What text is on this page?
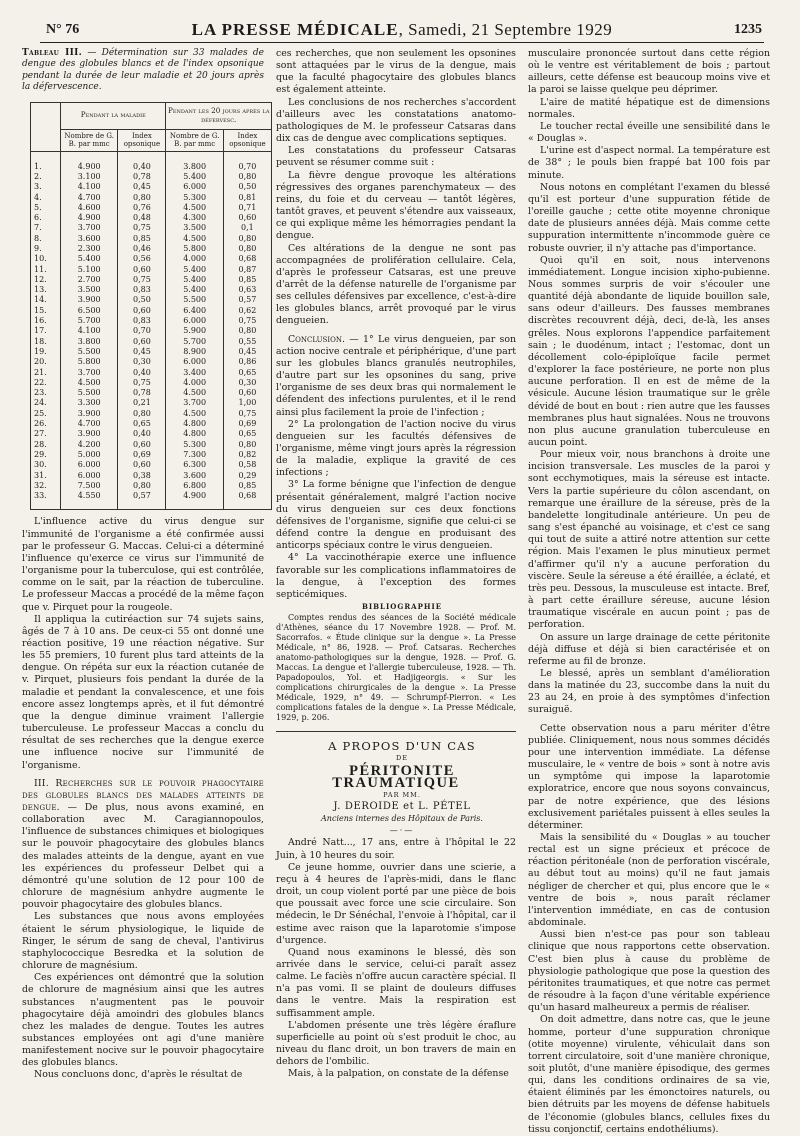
N° 76	LA PRESSE MÉDICALE, Samedi, 21 Septembre 1929	1235

Tableau III. — Détermination sur 33 malades de dengue des globules blancs et de l'index opsonique pendant la durée de leur maladie et 20 jours après la défervescence.

	Pendant la maladie		Pendant les 20 jours après la défervesc.	
	Nombre de G. B. par mmc	Index opsonique	Nombre de G. B. par mmc	Index opsonique

1.	4.900	0,40	3.800	0,70
2.	3.100	0,78	5.400	0,80
3.	4.100	0,45	6.000	0,50
4.	4.700	0,80	5.300	0,81
5.	4.600	0,76	4.500	0,71
6.	4.900	0,48	4.300	0,60
7.	3.700	0,75	3.500	0,1
8.	3.600	0,85	4.500	0,80
9.	2.300	0,46	5.800	0,80
10.	5.400	0,56	4.000	0,68
11.	5.100	0,60	5.400	0,87
12.	2.700	0,75	5.400	0,85
13.	3.500	0,83	5.400	0,63
14.	3.900	0,50	5.500	0,57
15.	6.500	0,60	6.400	0,62
16.	5.700	0,83	6.000	0,75
17.	4.100	0,70	5.900	0,80
18.	3.800	0,60	5.700	0,55
19.	5.500	0,45	8.900	0,45
20.	5.800	0,30	6.000	0,86
21.	3.700	0,40	3.400	0,65
22.	4.500	0,75	4.000	0,30
23.	5.500	0,78	4.500	0,60
24.	3.300	0,21	3.700	1,00
25.	3.900	0,80	4.500	0,75
26.	4.700	0,65	4.800	0,69
27.	3.900	0,40	4.800	0,65
28.	4.200	0,60	5.300	0,80
29.	5.000	0,69	7.300	0,82
30.	6.000	0,60	6.300	0,58
31.	6.000	0,38	3.600	0,29
32.	7.500	0,80	6.800	0,85
33.	4.550	0,57	4.900	0,68

L'influence active du virus dengue sur l'immunité de l'organisme a été confirmée aussi par le professeur G. Maccas. Celui-ci a déterminé l'influence qu'exerce ce virus sur l'immunité de l'organisme pour la tuberculose, qui est contrôlée, comme on le sait, par la réaction de tuberculine. Le professeur Maccas a procédé de la même façon que v. Pirquet pour la rougeole.

Il appliqua la cutiréaction sur 74 sujets sains, âgés de 7 à 10 ans. De ceux-ci 55 ont donné une réaction positive, 19 une réaction négative. Sur les 55 premiers, 10 furent plus tard atteints de la dengue. On répéta sur eux la réaction cutanée de v. Pirquet, plusieurs fois pendant la durée de la maladie et pendant la convalescence, et une fois encore assez longtemps après, et il fut démontré que la dengue diminue vraiment l'allergie tuberculeuse. Le professeur Maccas a conclu du résultat de ses recherches que la dengue exerce une influence nocive sur l'immunité de l'organisme.

III. Recherches sur le pouvoir phagocytaire des globules blancs des malades atteints de dengue. — De plus, nous avons examiné, en collaboration avec M. Caragiannopoulos, l'influence de substances chimiques et biologiques sur le pouvoir phagocytaire des globules blancs des malades atteints de la dengue, ayant en vue les expériences du professeur Delbet qui a démontré qu'une solution de 12 pour 100 de chlorure de magnésium anhydre augmente le pouvoir phagocytaire des globules blancs.

Les substances que nous avons employées étaient le sérum physiologique, le liquide de Ringer, le sérum de sang de cheval, l'antivirus staphylococcique Besredka et la solution de chlorure de magnésium.

Ces expériences ont démontré que la solution de chlorure de magnésium ainsi que les autres substances n'augmentent pas le pouvoir phagocytaire déjà amoindri des globules blancs chez les malades de dengue. Toutes les autres substances employées ont agi d'une manière manifestement nocive sur le pouvoir phagocytaire des globules blancs.

Nous concluons donc, d'après le résultat de

ces recherches, que non seulement les opsonines sont attaquées par le virus de la dengue, mais que la faculté phagocytaire des globules blancs est également atteinte.

Les conclusions de nos recherches s'accordent d'ailleurs avec les constatations anatomo-pathologiques de M. le professeur Catsaras dans dix cas de dengue avec complications septiques.

Les constatations du professeur Catsaras peuvent se résumer comme suit :

La fièvre dengue provoque les altérations régressives des organes parenchymateux — des reins, du foie et du cerveau — tantôt légères, tantôt graves, et peuvent s'étendre aux vaisseaux, ce qui explique même les hémorragies pendant la dengue.

Ces altérations de la dengue ne sont pas accompagnées de prolifération cellulaire. Cela, d'après le professeur Catsaras, est une preuve d'arrêt de la défense naturelle de l'organisme par ses cellules défensives par excellence, c'est-à-dire les globules blancs, arrêt provoqué par le virus dengueien.

Conclusion. — 1° Le virus dengueien, par son action nocive centrale et périphérique, d'une part sur les globules blancs granulés neutrophiles, d'autre part sur les opsonines du sang, prive l'organisme de ses deux bras qui normalement le défendent des infections purulentes, et il le rend ainsi plus facilement la proie de l'infection ;

2° La prolongation de l'action nocive du virus dengueien sur les facultés défensives de l'organisme, même vingt jours après la régression de la maladie, explique la gravité de ces infections ;

3° La forme bénigne que l'infection de dengue présentait généralement, malgré l'action nocive du virus dengueien sur ces deux fonctions défensives de l'organisme, signifie que celui-ci se défend contre la dengue en produisant des anticorps spéciaux contre le virus dengueien.

4° La vaccinothérapie exerce une influence favorable sur les complications inflammatoires de la dengue, à l'exception des formes septicémiques.

BIBLIOGRAPHIE

Comptes rendus des séances de la Société médicale d'Athènes, séance du 17 Novembre 1928. — Prof. M. Sacorrafos. « Étude clinique sur la dengue ». La Presse Médicale, n° 86, 1928. — Prof. Catsaras. Recherches anatomo-pathologiques sur la dengue, 1928. — Prof. G. Maccas. La dengue et l'allergie tuberculeuse, 1928. — Th. Papadopoulos, Yol. et Hadjigeorgis. « Sur les complications chirurgicales de la dengue ». La Presse Médicale, 1929, n° 49. — Schrumpf-Pierron. « Les complications fatales de la dengue ». La Presse Médicale, 1929, p. 206.

A PROPOS D'UN CAS

DE

PÉRITONITE TRAUMATIQUE

PAR MM.

J. DEROIDE et L. PÉTEL

Anciens internes des Hôpitaux de Paris.

—·—

André Natt..., 17 ans, entre à l'hôpital le 22 Juin, à 10 heures du soir.

Ce jeune homme, ouvrier dans une scierie, a reçu à 4 heures de l'après-midi, dans le flanc droit, un coup violent porté par une pièce de bois que poussait avec force une scie circulaire. Son médecin, le Dr Sénéchal, l'envoie à l'hôpital, car il estime avec raison que la laparotomie s'impose d'urgence.

Quand nous examinons le blessé, dès son arrivée dans le service, celui-ci paraît assez calme. Le faciès n'offre aucun caractère spécial. Il n'a pas vomi. Il se plaint de douleurs diffuses dans le ventre. Mais la respiration est suffisamment ample.

L'abdomen présente une très légère éraflure superficielle au point où s'est produit le choc, au niveau du flanc droit, un bon travers de main en dehors de l'ombilic.

Mais, à la palpation, on constate de la défense

musculaire prononcée surtout dans cette région où le ventre est véritablement de bois ; partout ailleurs, cette défense est beaucoup moins vive et la paroi se laisse quelque peu déprimer.

L'aire de matité hépatique est de dimensions normales.

Le toucher rectal éveille une sensibilité dans le « Douglas ».

L'urine est d'aspect normal. La température est de 38° ; le pouls bien frappé bat 100 fois par minute.

Nous notons en complétant l'examen du blessé qu'il est porteur d'une suppuration fétide de l'oreille gauche ; cette otite moyenne chronique date de plusieurs années déjà. Mais comme cette suppuration intermittente n'incommode guère ce robuste ouvrier, il n'y attache pas d'importance.

Quoi qu'il en soit, nous intervenons immédiatement. Longue incision xipho-pubienne. Nous sommes surpris de voir s'écouler une quantité déjà abondante de liquide bouillon sale, sans odeur d'ailleurs. Des fausses membranes discrètes recouvrent déjà, deci, de-là, les anses grêles. Nous explorons l'appendice parfaitement sain ; le duodénum, intact ; l'estomac, dont un décollement colo-épiploïque facile permet d'explorer la face postérieure, ne porte non plus aucune perforation. Il en est de même de la vésicule. Aucune lésion traumatique sur le grêle dévidé de bout en bout : rien autre que les fausses membranes plus haut signalées. Nous ne trouvons non plus aucune granulation tuberculeuse en aucun point.

Pour mieux voir, nous branchons à droite une incision transversale. Les muscles de la paroi y sont ecchymotiques, mais la séreuse est intacte. Vers la partie supérieure du côlon ascendant, on remarque une éraillure de la séreuse, près de la bandelette longitudinale antérieure. Un peu de sang s'est épanché au voisinage, et c'est ce sang qui tout de suite a attiré notre attention sur cette région. Mais l'examen le plus minutieux permet d'affirmer qu'il n'y a aucune perforation du viscère. Seule la séreuse a été éraillée, a éclaté, et très peu. Dessous, la musculeuse est intacte. Bref, à part cette éraillure séreuse, aucune lésion traumatique viscérale en aucun point ; pas de perforation.

On assure un large drainage de cette péritonite déjà diffuse et déjà si bien caractérisée et on referme au fil de bronze.

Le blessé, après un semblant d'amélioration dans la matinée du 23, succombe dans la nuit du 23 au 24, en proie à des symptômes d'infection suraiguë.

Cette observation nous a paru mériter d'être publiée. Cliniquement, nous nous sommes décidés pour une intervention immédiate. La défense musculaire, le « ventre de bois » sont à notre avis un symptôme qui impose la laparotomie exploratrice, encore que nous soyons convaincus, par de notre expérience, que des lésions exclusivement pariétales puissent à elles seules la déterminer.

Mais la sensibilité du « Douglas » au toucher rectal est un signe précieux et précoce de réaction péritonéale (non de perforation viscérale, au début tout au moins) qu'il ne faut jamais négliger de chercher et qui, plus encore que le « ventre de bois », nous paraît réclamer l'intervention immédiate, en cas de contusion abdominale.

Aussi bien n'est-ce pas pour son tableau clinique que nous rapportons cette observation. C'est bien plus à cause du problème de physiologie pathologique que pose la question des péritonites traumatiques, et que notre cas permet de résoudre à la façon d'une véritable expérience qu'un hasard malheureux a permis de réaliser.

On doit admettre, dans notre cas, que le jeune homme, porteur d'une suppuration chronique (otite moyenne) virulente, véhiculait dans son torrent circulatoire, soit d'une manière chronique, soit plutôt, d'une manière épisodique, des germes qui, dans les conditions ordinaires de sa vie, étaient éliminés par les émonctoires naturels, ou bien détruits par les moyens de défense habituels de l'économie (globules blancs, cellules fixes du tissu conjonctif, certains endothéliums).
